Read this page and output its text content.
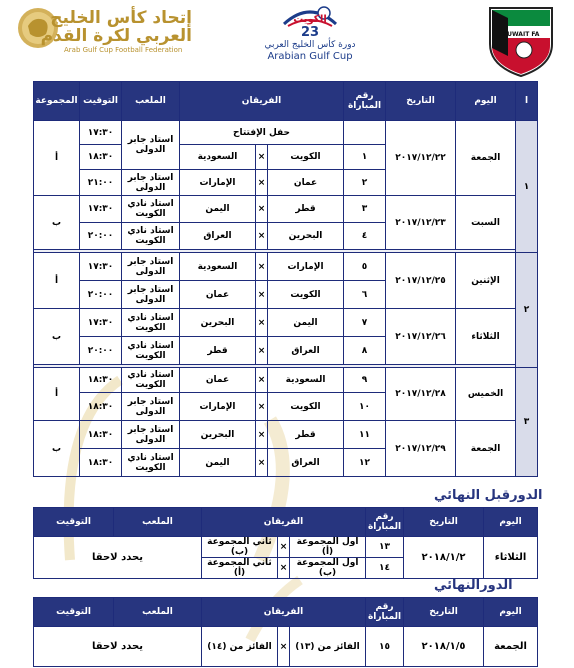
KUWAIT FA
الكويت
23
دورة كأس الخليج العربي
Arabian Gulf Cup
إتحاد كأس الخليج
العربي لكرة القدم
Arab Gulf Cup Football Federation
ا	اليوم	التاريخ	رقم المباراة	الفريقان			الملعب	التوقيت	المجموعة
١	الجمعة	٢٠١٧/١٢/٢٢		حفل الإفتتاح			استاد جابر الدولى	١٧:٣٠	أ
			١	الكويت	×	السعودية		١٨:٣٠	
			٢	عمان	×	الإمارات	استاد جابر الدولى	٢١:٠٠	
	السبت	٢٠١٧/١٢/٢٣	٣	قطر	×	اليمن	استاد نادي الكويت	١٧:٣٠	ب
			٤	البحرين	×	العراق	استاد نادي الكويت	٢٠:٠٠	

٢	الإثنين	٢٠١٧/١٢/٢٥	٥	الإمارات	×	السعودية	استاد جابر الدولى	١٧:٣٠	أ
			٦	الكويت	×	عمان	استاد جابر الدولى	٢٠:٠٠	
	الثلاثاء	٢٠١٧/١٢/٢٦	٧	اليمن	×	البحرين	استاد نادي الكويت	١٧:٣٠	ب
			٨	العراق	×	قطر	استاد نادي الكويت	٢٠:٠٠	

٣	الخميس	٢٠١٧/١٢/٢٨	٩	السعودية	×	عمان	استاد نادي الكويت	١٨:٣٠	أ
			١٠	الكويت	×	الإمارات	استاد جابر الدولى	١٨:٣٠	
	الجمعة	٢٠١٧/١٢/٢٩	١١	قطر	×	البحرين	استاد جابر الدولى	١٨:٣٠	ب
			١٢	العراق	×	اليمن	استاد نادي الكويت	١٨:٣٠	
الدورقبل النهائي
اليوم	التاريخ	رقم المباراة	الفريقان			الملعب	التوقيت
الثلاثاء	٢٠١٨/١/٢	١٣	اول المجموعة (أ)	×	ثاني المجموعة (ب)	يحدد لاحقا	
		١٤	اول المجموعة (ب)	×	ثاني المجموعة (أ)		
الدورالنهائي
اليوم	التاريخ	رقم المباراة	الفريقان			الملعب	التوقيت
الجمعة	٢٠١٨/١/٥	١٥	الفائز من (١٣)	×	الفائز من (١٤)	يحدد لاحقا	
